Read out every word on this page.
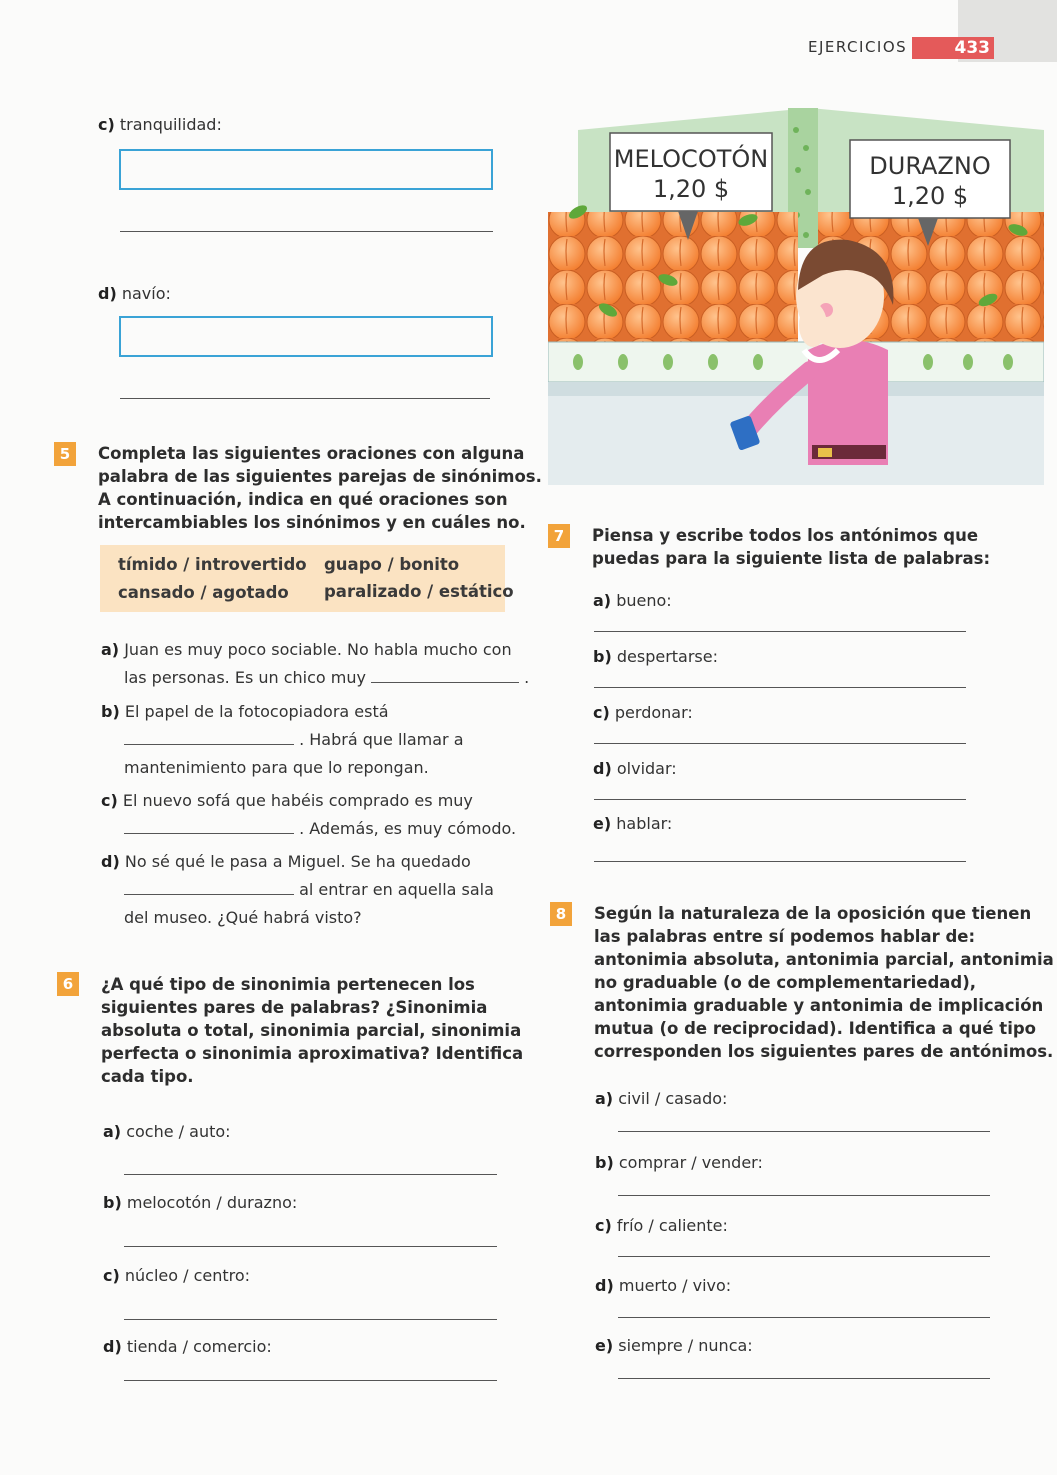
EJERCICIOS	433
c) tranquilidad:
d) navío:
5	Completa las siguientes oraciones con alguna
palabra de las siguientes parejas de sinónimos.
A continuación, indica en qué oraciones son
intercambiables los sinónimos y en cuáles no.
tímido / introvertido guapo / bonito
cansado / agotado paralizado / estático
a) Juan es muy poco sociable. No habla mucho con
las personas. Es un chico muy	.
b) El papel de la fotocopiadora está
. Habrá que llamar a
mantenimiento para que lo repongan.
c) El nuevo sofá que habéis comprado es muy
. Además, es muy cómodo.
d) No sé qué le pasa a Miguel. Se ha quedado
al entrar en aquella sala
del museo. ¿Qué habrá visto?
6	¿A qué tipo de sinonimia pertenecen los
siguientes pares de palabras? ¿Sinonimia
absoluta o total, sinonimia parcial, sinonimia
perfecta o sinonimia aproximativa? Identifica
cada tipo.
a) coche / auto:
b) melocotón / durazno:
c) núcleo / centro:
d) tienda / comercio:
MELOCOTÓN
1,20 $
DURAZNO
1,20 $
7	Piensa y escribe todos los antónimos que
puedas para la siguiente lista de palabras:
a) bueno:
b) despertarse:
c) perdonar:
d) olvidar:
e) hablar:
8	Según la naturaleza de la oposición que tienen
las palabras entre sí podemos hablar de:
antonimia absoluta, antonimia parcial, antonimia
no graduable (o de complementariedad),
antonimia graduable y antonimia de implicación
mutua (o de reciprocidad). Identifica a qué tipo
corresponden los siguientes pares de antónimos.
a) civil / casado:
b) comprar / vender:
c) frío / caliente:
d) muerto / vivo:
e) siempre / nunca:
